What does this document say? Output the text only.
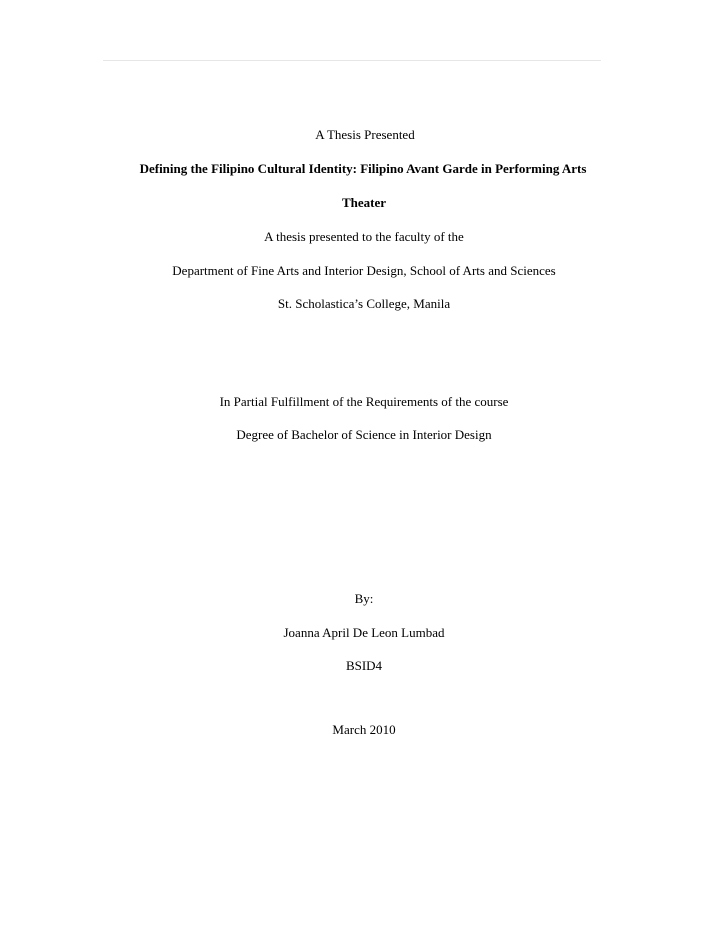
A Thesis Presented
Defining the Filipino Cultural Identity: Filipino Avant Garde in Performing Arts
Theater
A thesis presented to the faculty of the
Department of Fine Arts and Interior Design, School of Arts and Sciences
St. Scholastica’s College, Manila
In Partial Fulfillment of the Requirements of the course
Degree of Bachelor of Science in Interior Design
By:
Joanna April De Leon Lumbad
BSID4
March 2010
